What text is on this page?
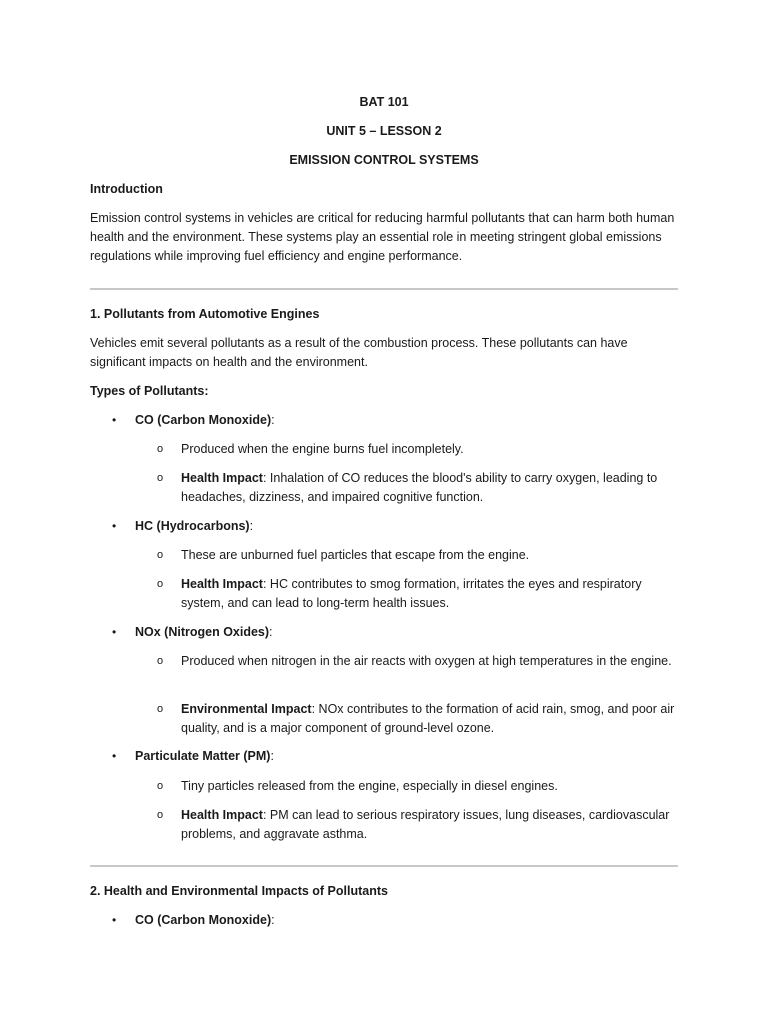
BAT 101
UNIT 5 – LESSON 2
EMISSION CONTROL SYSTEMS
Introduction
Emission control systems in vehicles are critical for reducing harmful pollutants that can harm both human health and the environment. These systems play an essential role in meeting stringent global emissions regulations while improving fuel efficiency and engine performance.
1. Pollutants from Automotive Engines
Vehicles emit several pollutants as a result of the combustion process. These pollutants can have significant impacts on health and the environment.
Types of Pollutants:
• CO (Carbon Monoxide):
o Produced when the engine burns fuel incompletely.
o Health Impact: Inhalation of CO reduces the blood's ability to carry oxygen, leading to headaches, dizziness, and impaired cognitive function.
• HC (Hydrocarbons):
o These are unburned fuel particles that escape from the engine.
o Health Impact: HC contributes to smog formation, irritates the eyes and respiratory system, and can lead to long-term health issues.
• NOx (Nitrogen Oxides):
o Produced when nitrogen in the air reacts with oxygen at high temperatures in the engine.
o Environmental Impact: NOx contributes to the formation of acid rain, smog, and poor air quality, and is a major component of ground-level ozone.
• Particulate Matter (PM):
o Tiny particles released from the engine, especially in diesel engines.
o Health Impact: PM can lead to serious respiratory issues, lung diseases, cardiovascular problems, and aggravate asthma.
2. Health and Environmental Impacts of Pollutants
• CO (Carbon Monoxide):
